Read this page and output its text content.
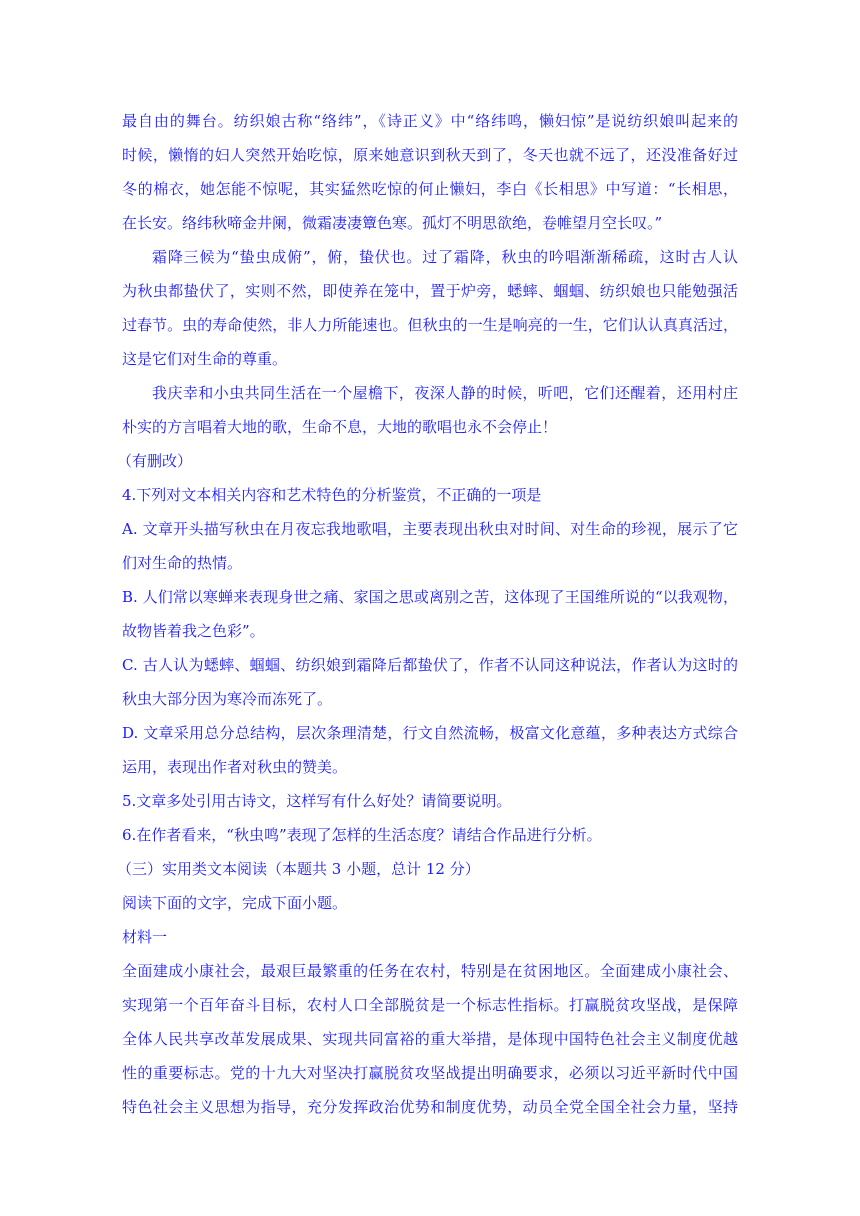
最自由的舞台。纺织娘古称“络纬”，《诗正义》中“络纬鸣，懒妇惊”是说纺织娘叫起来的
时候，懒惰的妇人突然开始吃惊，原来她意识到秋天到了，冬天也就不远了，还没准备好过
冬的棉衣，她怎能不惊呢，其实猛然吃惊的何止懒妇，李白《长相思》中写道：“长相思，
在长安。络纬秋啼金井阑，微霜凄凄簟色寒。孤灯不明思欲绝，卷帷望月空长叹。”
霜降三候为“蛰虫成俯”，俯，蛰伏也。过了霜降，秋虫的吟唱渐渐稀疏，这时古人认
为秋虫都蛰伏了，实则不然，即使养在笼中，置于炉旁，蟋蟀、蝈蝈、纺织娘也只能勉强活
过春节。虫的寿命使然，非人力所能速也。但秋虫的一生是响亮的一生，它们认认真真活过，
这是它们对生命的尊重。
我庆幸和小虫共同生活在一个屋檐下，夜深人静的时候，听吧，它们还醒着，还用村庄
朴实的方言唱着大地的歌，生命不息，大地的歌唱也永不会停止！
（有删改）
4.下列对文本相关内容和艺术特色的分析鉴赏，不正确的一项是
A. 文章开头描写秋虫在月夜忘我地歌唱，主要表现出秋虫对时间、对生命的珍视，展示了它
们对生命的热情。
B. 人们常以寒蝉来表现身世之痛、家国之思或离别之苦，这体现了王国维所说的“以我观物，
故物皆着我之色彩”。
C. 古人认为蟋蟀、蝈蝈、纺织娘到霜降后都蛰伏了，作者不认同这种说法，作者认为这时的
秋虫大部分因为寒冷而冻死了。
D. 文章采用总分总结构，层次条理清楚，行文自然流畅，极富文化意蕴，多种表达方式综合
运用，表现出作者对秋虫的赞美。
5.文章多处引用古诗文，这样写有什么好处？请简要说明。
6.在作者看来，“秋虫鸣”表现了怎样的生活态度？请结合作品进行分析。
（三）实用类文本阅读（本题共 3 小题，总计 12 分）
阅读下面的文字，完成下面小题。
材料一
全面建成小康社会，最艰巨最繁重的任务在农村，特别是在贫困地区。全面建成小康社会、
实现第一个百年奋斗目标，农村人口全部脱贫是一个标志性指标。打赢脱贫攻坚战，是保障
全体人民共享改革发展成果、实现共同富裕的重大举措，是体现中国特色社会主义制度优越
性的重要标志。党的十九大对坚决打赢脱贫攻坚战提出明确要求，必须以习近平新时代中国
特色社会主义思想为指导，充分发挥政治优势和制度优势，动员全党全国全社会力量，坚持
